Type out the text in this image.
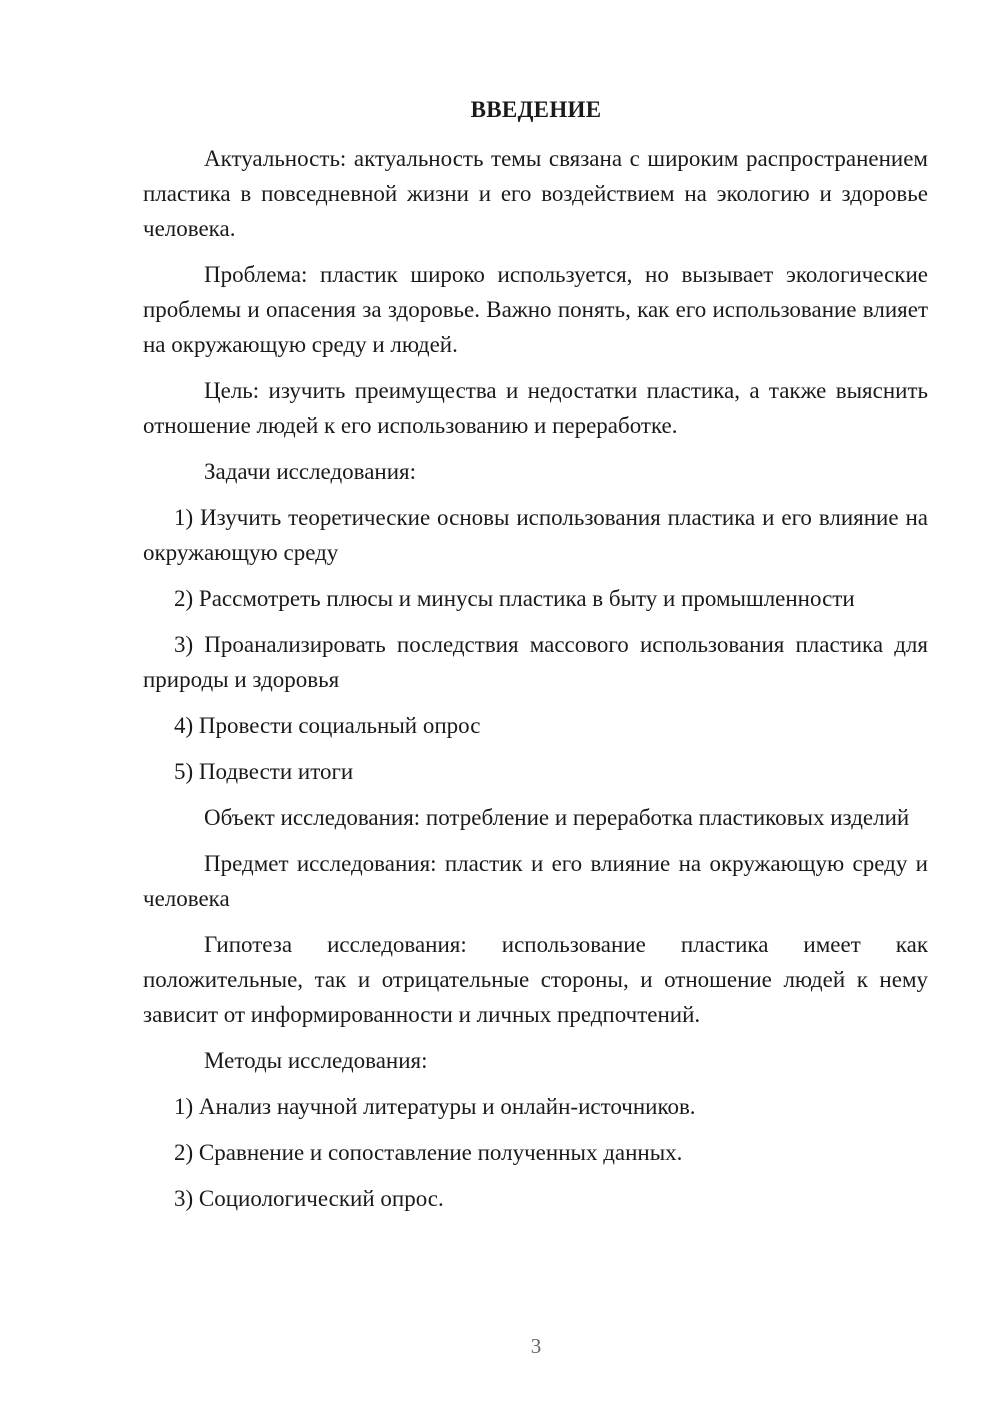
ВВЕДЕНИЕ

Актуальность: актуальность темы связана с широким распространением пластика в повседневной жизни и его воздействием на экологию и здоровье человека.

Проблема: пластик широко используется, но вызывает экологические проблемы и опасения за здоровье. Важно понять, как его использование влияет на окружающую среду и людей.

Цель: изучить преимущества и недостатки пластика, а также выяснить отношение людей к его использованию и переработке.

Задачи исследования:

1) Изучить теоретические основы использования пластика и его влияние на окружающую среду

2) Рассмотреть плюсы и минусы пластика в быту и промышленности

3) Проанализировать последствия массового использования пластика для природы и здоровья

4) Провести социальный опрос

5) Подвести итоги

Объект исследования: потребление и переработка пластиковых изделий

Предмет исследования: пластик и его влияние на окружающую среду и человека

Гипотеза исследования: использование пластика имеет как положительные, так и отрицательные стороны, и отношение людей к нему зависит от информированности и личных предпочтений.

Методы исследования:

1) Анализ научной литературы и онлайн-источников.

2) Сравнение и сопоставление полученных данных.

3) Социологический опрос.

3
